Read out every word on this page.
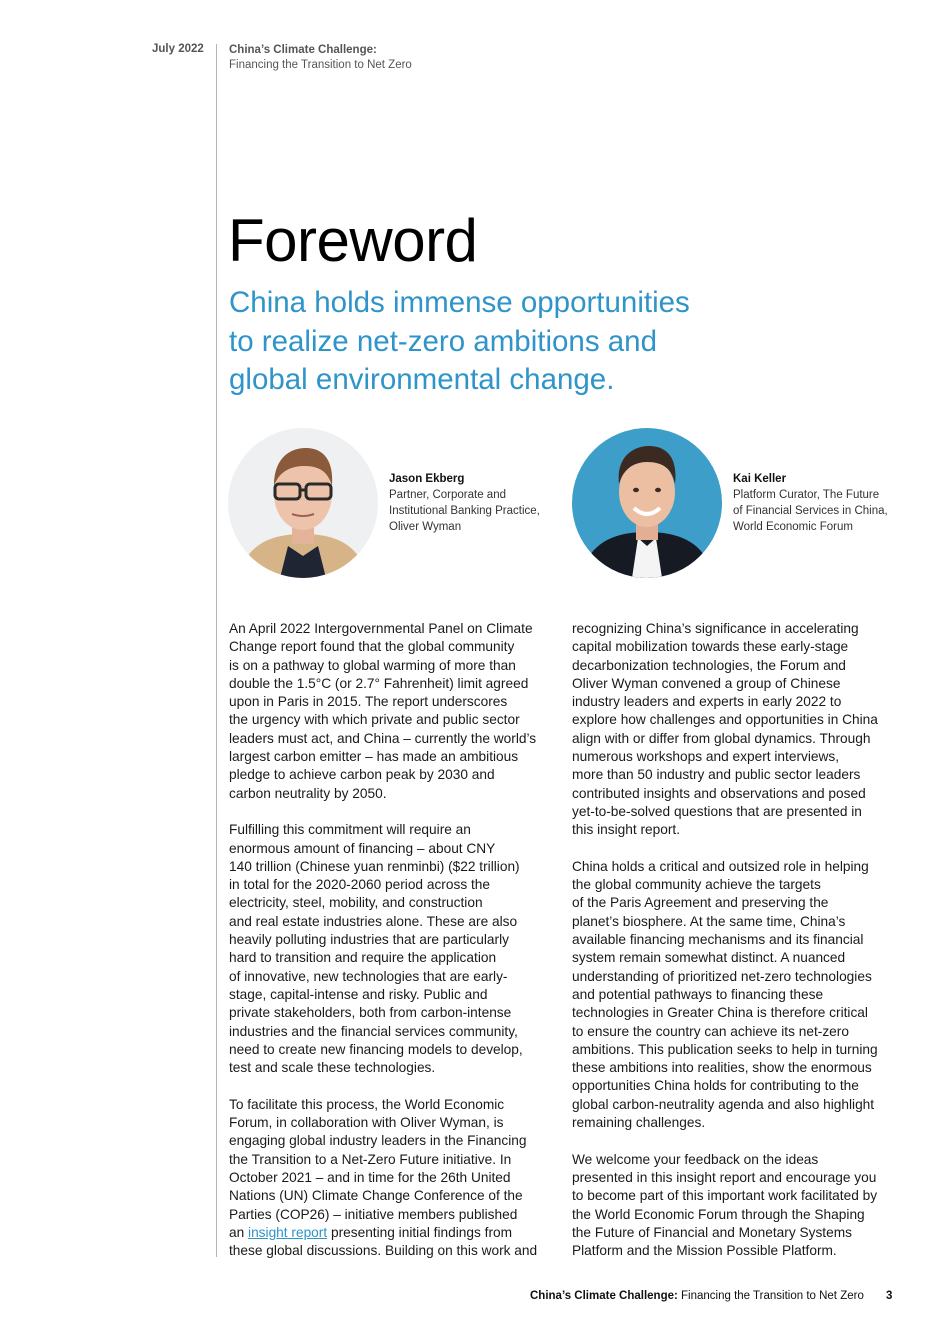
July 2022 China’s Climate Challenge:
Financing the Transition to Net Zero
Foreword
China holds immense opportunities
to realize net-zero ambitions and
global environmental change.
Jason Ekberg
Partner, Corporate and
Institutional Banking Practice,
Oliver Wyman
Kai Keller
Platform Curator, The Future
of Financial Services in China,
World Economic Forum

An April 2022 Intergovernmental Panel on Climate
Change report found that the global community
is on a pathway to global warming of more than
double the 1.5°C (or 2.7° Fahrenheit) limit agreed
upon in Paris in 2015. The report underscores
the urgency with which private and public sector
leaders must act, and China – currently the world’s
largest carbon emitter – has made an ambitious
pledge to achieve carbon peak by 2030 and
carbon neutrality by 2050.

Fulfilling this commitment will require an
enormous amount of financing – about CNY
140 trillion (Chinese yuan renminbi) ($22 trillion)
in total for the 2020-2060 period across the
electricity, steel, mobility, and construction
and real estate industries alone. These are also
heavily polluting industries that are particularly
hard to transition and require the application
of innovative, new technologies that are early-
stage, capital-intense and risky. Public and
private stakeholders, both from carbon-intense
industries and the financial services community,
need to create new financing models to develop,
test and scale these technologies.

To facilitate this process, the World Economic
Forum, in collaboration with Oliver Wyman, is
engaging global industry leaders in the Financing
the Transition to a Net-Zero Future initiative. In
October 2021 – and in time for the 26th United
Nations (UN) Climate Change Conference of the
Parties (COP26) – initiative members published
an insight report presenting initial findings from
these global discussions. Building on this work and

recognizing China’s significance in accelerating
capital mobilization towards these early-stage
decarbonization technologies, the Forum and
Oliver Wyman convened a group of Chinese
industry leaders and experts in early 2022 to
explore how challenges and opportunities in China
align with or differ from global dynamics. Through
numerous workshops and expert interviews,
more than 50 industry and public sector leaders
contributed insights and observations and posed
yet-to-be-solved questions that are presented in
this insight report.

China holds a critical and outsized role in helping
the global community achieve the targets
of the Paris Agreement and preserving the
planet’s biosphere. At the same time, China’s
available financing mechanisms and its financial
system remain somewhat distinct. A nuanced
understanding of prioritized net-zero technologies
and potential pathways to financing these
technologies in Greater China is therefore critical
to ensure the country can achieve its net-zero
ambitions. This publication seeks to help in turning
these ambitions into realities, show the enormous
opportunities China holds for contributing to the
global carbon-neutrality agenda and also highlight
remaining challenges.

We welcome your feedback on the ideas
presented in this insight report and encourage you
to become part of this important work facilitated by
the World Economic Forum through the Shaping
the Future of Financial and Monetary Systems
Platform and the Mission Possible Platform.

China’s Climate Challenge: Financing the Transition to Net Zero 3
